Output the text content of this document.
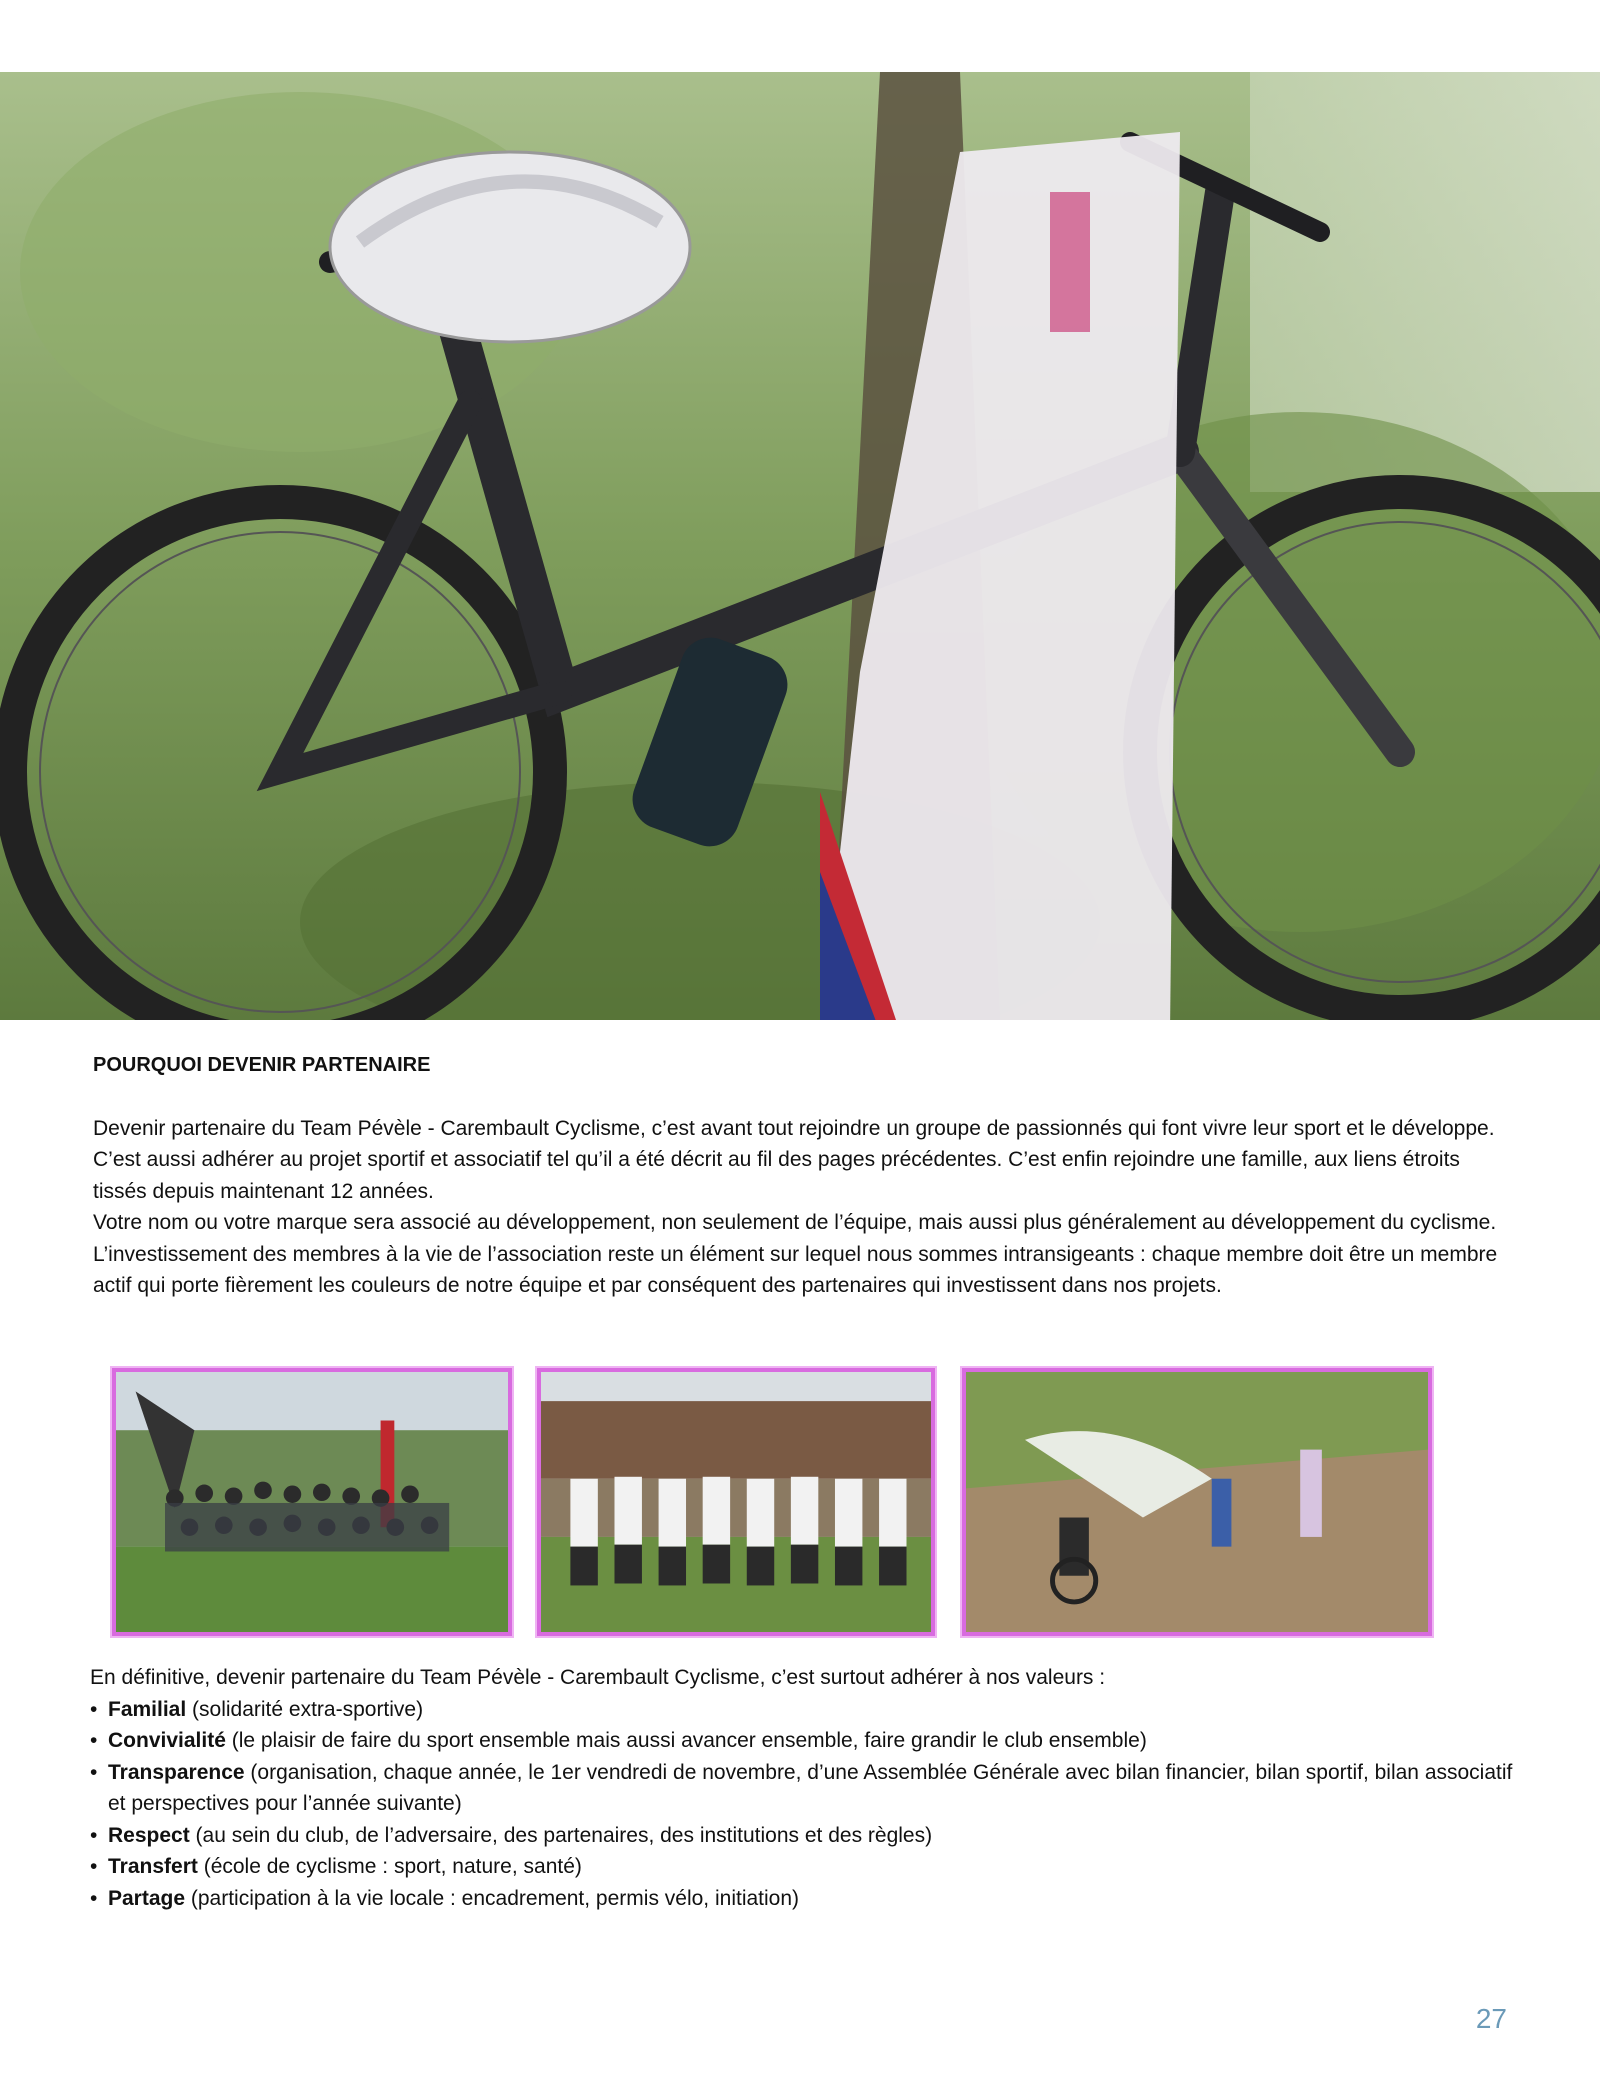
POURQUOI DEVENIR PARTENAIRE

Devenir partenaire du Team Pévèle - Carembault Cyclisme, c’est avant tout rejoindre un groupe de passionnés qui font vivre leur sport et le développe. C’est aussi adhérer au projet sportif et associatif tel qu’il a été décrit au fil des pages précédentes. C’est enfin rejoindre une famille, aux liens étroits tissés depuis maintenant 12 années.

Votre nom ou votre marque sera associé au développement, non seulement de l’équipe, mais aussi plus généralement au développement du cyclisme. L’investissement des membres à la vie de l’association reste un élément sur lequel nous sommes intransigeants : chaque membre doit être un membre actif qui porte fièrement les couleurs de notre équipe et par conséquent des partenaires qui investissent dans nos projets.

En définitive, devenir partenaire du Team Pévèle - Carembault Cyclisme, c’est surtout adhérer à nos valeurs :

• Familial (solidarité extra-sportive)
• Convivialité (le plaisir de faire du sport ensemble mais aussi avancer ensemble, faire grandir le club ensemble)
• Transparence (organisation, chaque année, le 1er vendredi de novembre, d’une Assemblée Générale avec bilan financier, bilan sportif, bilan associatif et perspectives pour l’année suivante)
• Respect (au sein du club, de l’adversaire, des partenaires, des institutions et des règles)
• Transfert (école de cyclisme : sport, nature, santé)
• Partage (participation à la vie locale : encadrement, permis vélo, initiation)
27
